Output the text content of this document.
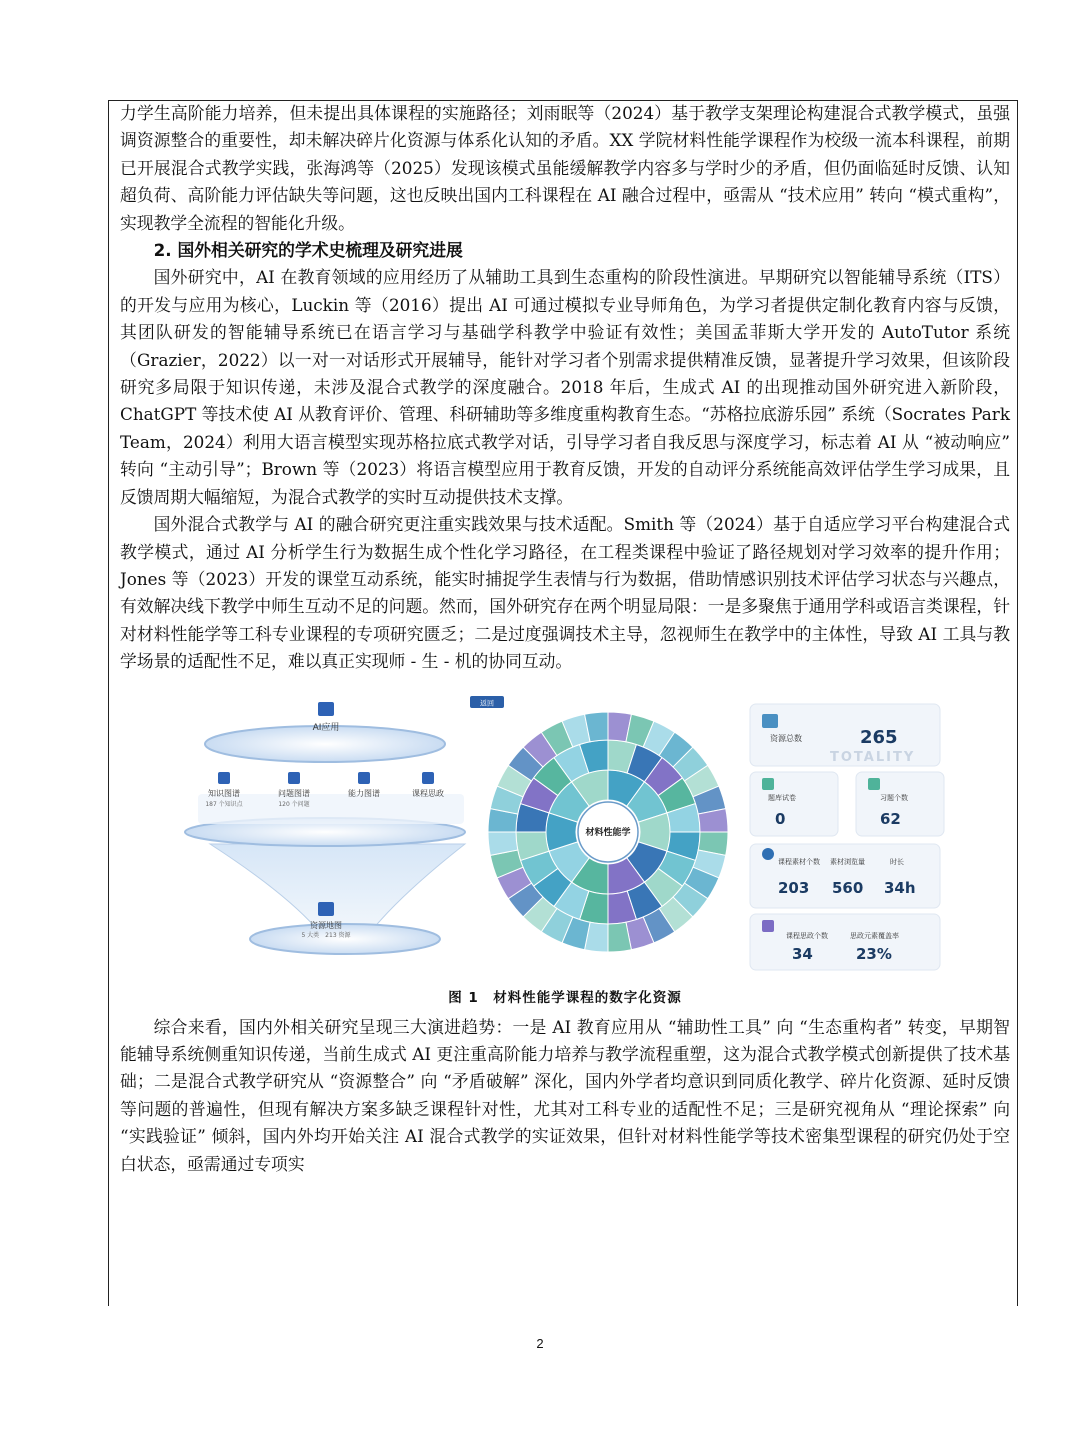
力学生高阶能力培养，但未提出具体课程的实施路径；刘雨眠等（2024）基于教学支架理论构建混合式教学模式，虽强调资源整合的重要性，却未解决碎片化资源与体系化认知的矛盾。XX 学院材料性能学课程作为校级一流本科课程，前期已开展混合式教学实践，张海鸿等（2025）发现该模式虽能缓解教学内容多与学时少的矛盾，但仍面临延时反馈、认知超负荷、高阶能力评估缺失等问题，这也反映出国内工科课程在 AI 融合过程中，亟需从 “技术应用” 转向 “模式重构”，实现教学全流程的智能化升级。

2. 国外相关研究的学术史梳理及研究进展

国外研究中，AI 在教育领域的应用经历了从辅助工具到生态重构的阶段性演进。早期研究以智能辅导系统（ITS）的开发与应用为核心，Luckin 等（2016）提出 AI 可通过模拟专业导师角色，为学习者提供定制化教育内容与反馈，其团队研发的智能辅导系统已在语言学习与基础学科教学中验证有效性；美国孟菲斯大学开发的 AutoTutor 系统（Grazier，2022）以一对一对话形式开展辅导，能针对学习者个别需求提供精准反馈，显著提升学习效果，但该阶段研究多局限于知识传递，未涉及混合式教学的深度融合。2018 年后，生成式 AI 的出现推动国外研究进入新阶段，ChatGPT 等技术使 AI 从教育评价、管理、科研辅助等多维度重构教育生态。“苏格拉底游乐园” 系统（Socrates Park Team，2024）利用大语言模型实现苏格拉底式教学对话，引导学习者自我反思与深度学习，标志着 AI 从 “被动响应” 转向 “主动引导”；Brown 等（2023）将语言模型应用于教育反馈，开发的自动评分系统能高效评估学生学习成果，且反馈周期大幅缩短，为混合式教学的实时互动提供技术支撑。

国外混合式教学与 AI 的融合研究更注重实践效果与技术适配。Smith 等（2024）基于自适应学习平台构建混合式教学模式，通过 AI 分析学生行为数据生成个性化学习路径，在工程类课程中验证了路径规划对学习效率的提升作用；Jones 等（2023）开发的课堂互动系统，能实时捕捉学生表情与行为数据，借助情感识别技术评估学习状态与兴趣点，有效解决线下教学中师生互动不足的问题。然而，国外研究存在两个明显局限：一是多聚焦于通用学科或语言类课程，针对材料性能学等工科专业课程的专项研究匮乏；二是过度强调技术主导，忽视师生在教学中的主体性，导致 AI 工具与教学场景的适配性不足，难以真正实现师 - 生 - 机的协同互动。

AI应用
知识图谱	问题图谱	能力图谱	课程思政
187 个知识点	120 个问题
资源地图
5 大类　213 资源
返回
材料性能学
资源总数	265
TOTALITY
题库试卷
0
习题个数
62
课程素材个数
203
素材浏览量
560
时长
34h
课程思政个数
34
思政元素覆盖率
23%

图 1　材料性能学课程的数字化资源

综合来看，国内外相关研究呈现三大演进趋势：一是 AI 教育应用从 “辅助性工具” 向 “生态重构者” 转变，早期智能辅导系统侧重知识传递，当前生成式 AI 更注重高阶能力培养与教学流程重塑，这为混合式教学模式创新提供了技术基础；二是混合式教学研究从 “资源整合” 向 “矛盾破解” 深化，国内外学者均意识到同质化教学、碎片化资源、延时反馈等问题的普遍性，但现有解决方案多缺乏课程针对性，尤其对工科专业的适配性不足；三是研究视角从 “理论探索” 向 “实践验证” 倾斜，国内外均开始关注 AI 混合式教学的实证效果，但针对材料性能学等技术密集型课程的研究仍处于空白状态，亟需通过专项实

2
